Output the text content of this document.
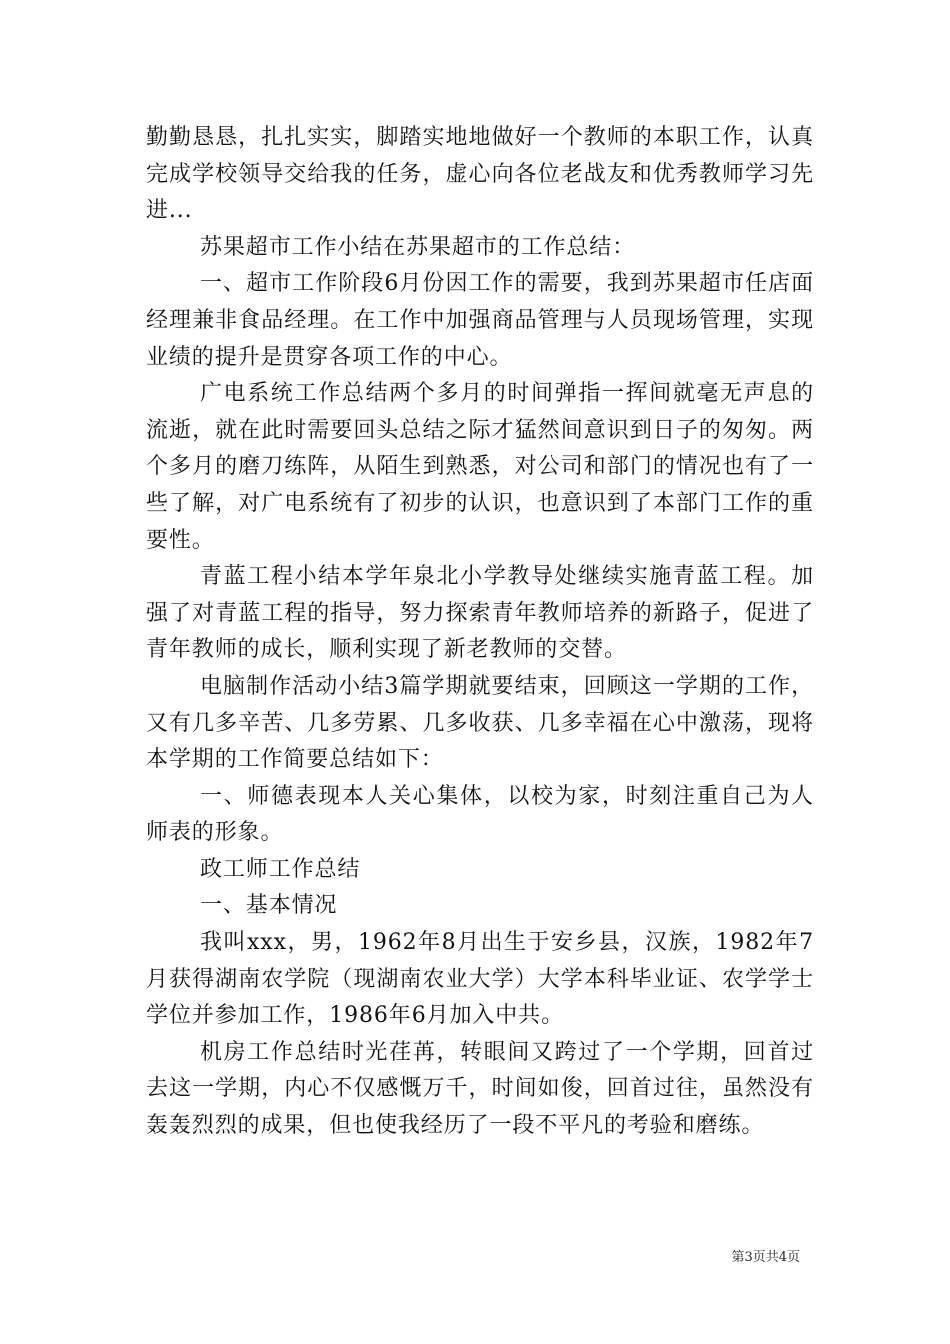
勤勤恳恳，扎扎实实，脚踏实地地做好一个教师的本职工作，认真完成学校领导交给我的任务，虚心向各位老战友和优秀教师学习先进...

苏果超市工作小结在苏果超市的工作总结：

一、超市工作阶段6月份因工作的需要，我到苏果超市任店面经理兼非食品经理。在工作中加强商品管理与人员现场管理，实现业绩的提升是贯穿各项工作的中心。

广电系统工作总结两个多月的时间弹指一挥间就毫无声息的流逝，就在此时需要回头总结之际才猛然间意识到日子的匆匆。两个多月的磨刀练阵，从陌生到熟悉，对公司和部门的情况也有了一些了解，对广电系统有了初步的认识，也意识到了本部门工作的重要性。

青蓝工程小结本学年泉北小学教导处继续实施青蓝工程。加强了对青蓝工程的指导，努力探索青年教师培养的新路子，促进了青年教师的成长，顺利实现了新老教师的交替。

电脑制作活动小结3篇学期就要结束，回顾这一学期的工作，又有几多辛苦、几多劳累、几多收获、几多幸福在心中激荡，现将本学期的工作简要总结如下：

一、师德表现本人关心集体，以校为家，时刻注重自己为人师表的形象。

政工师工作总结

一、基本情况

我叫xxx，男，1962年8月出生于安乡县，汉族，1982年7月获得湖南农学院（现湖南农业大学）大学本科毕业证、农学学士学位并参加工作，1986年6月加入中共。

机房工作总结时光荏苒，转眼间又跨过了一个学期，回首过去这一学期，内心不仅感慨万千，时间如俊，回首过往，虽然没有轰轰烈烈的成果，但也使我经历了一段不平凡的考验和磨练。

第3页共4页
